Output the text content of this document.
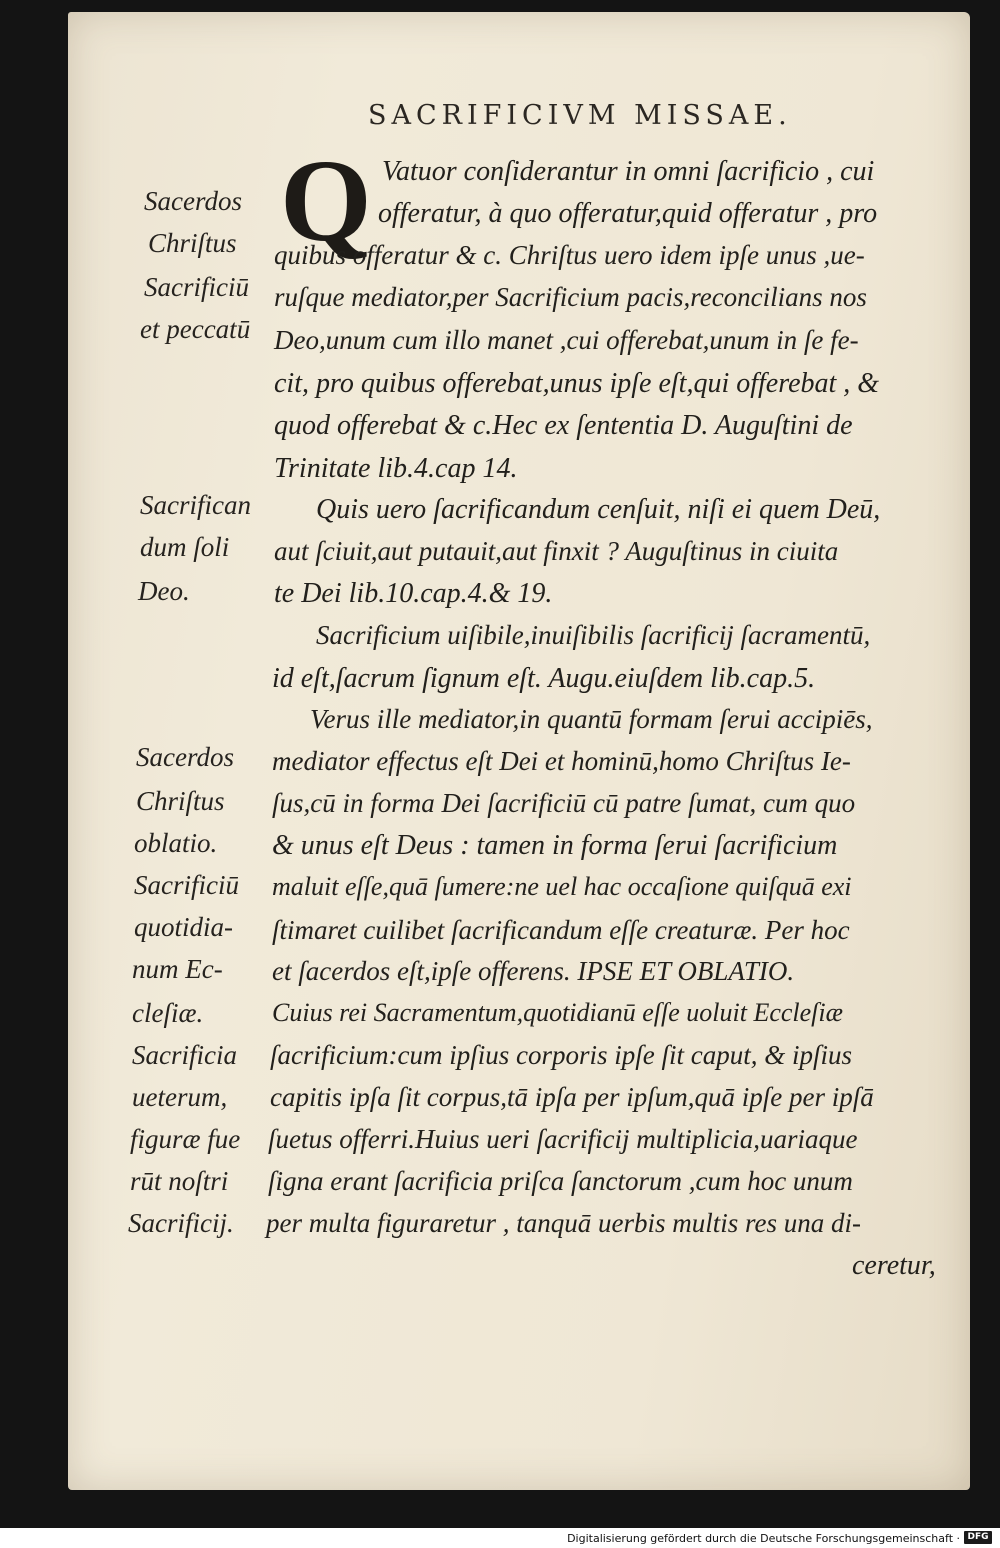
SACRIFICIVM MISSAE.
Q Vatuor conſiderantur in omni ſacrificio , cui
offeratur, à quo offeratur,quid offeratur , pro
quibus offeratur & c. Chriſtus uero idem ipſe unus ,ue-
ruſque mediator,per Sacrificium pacis,reconcilians nos
Deo,unum cum illo manet ,cui offerebat,unum in ſe fe-
cit, pro quibus offerebat,unus ipſe eſt,qui offerebat , &
quod offerebat & c.Hec ex ſententia D. Auguſtini de
Trinitate lib.4.cap 14.
Quis uero ſacrificandum cenſuit, niſi ei quem Deū,
aut ſciuit,aut putauit,aut finxit ? Auguſtinus in ciuita
te Dei lib.10.cap.4.& 19.
Sacrificium uiſibile,inuiſibilis ſacrificij ſacramentū,
id eſt,ſacrum ſignum eſt. Augu.eiuſdem lib.cap.5.
Verus ille mediator,in quantū formam ſerui accipiēs,
mediator effectus eſt Dei et hominū,homo Chriſtus Ie-
ſus,cū in forma Dei ſacrificiū cū patre ſumat, cum quo
& unus eſt Deus : tamen in forma ſerui ſacrificium
maluit eſſe,quā ſumere:ne uel hac occaſione quiſquā exi
ſtimaret cuilibet ſacrificandum eſſe creaturæ. Per hoc
et ſacerdos eſt,ipſe offerens. IPSE ET OBLATIO.
Cuius rei Sacramentum,quotidianū eſſe uoluit Eccleſiæ
ſacrificium:cum ipſius corporis ipſe ſit caput, & ipſius
capitis ipſa ſit corpus,tā ipſa per ipſum,quā ipſe per ipſā
ſuetus offerri.Huius ueri ſacrificij multiplicia,uariaque
ſigna erant ſacrificia priſca ſanctorum ,cum hoc unum
per multa figuraretur , tanquā uerbis multis res una di-
ceretur,
Sacerdos
Chriſtus
Sacrificiū
et peccatū
Sacrifican
dum ſoli
Deo.
Sacerdos
Chriſtus
oblatio.
Sacrificiū
quotidia-
num Ec-
cleſiæ.
Sacrificia
ueterum,
figuræ fue
rūt noſtri
Sacrificij.
Digitalisierung gefördert durch die Deutsche Forschungsgemeinschaft · DFG
